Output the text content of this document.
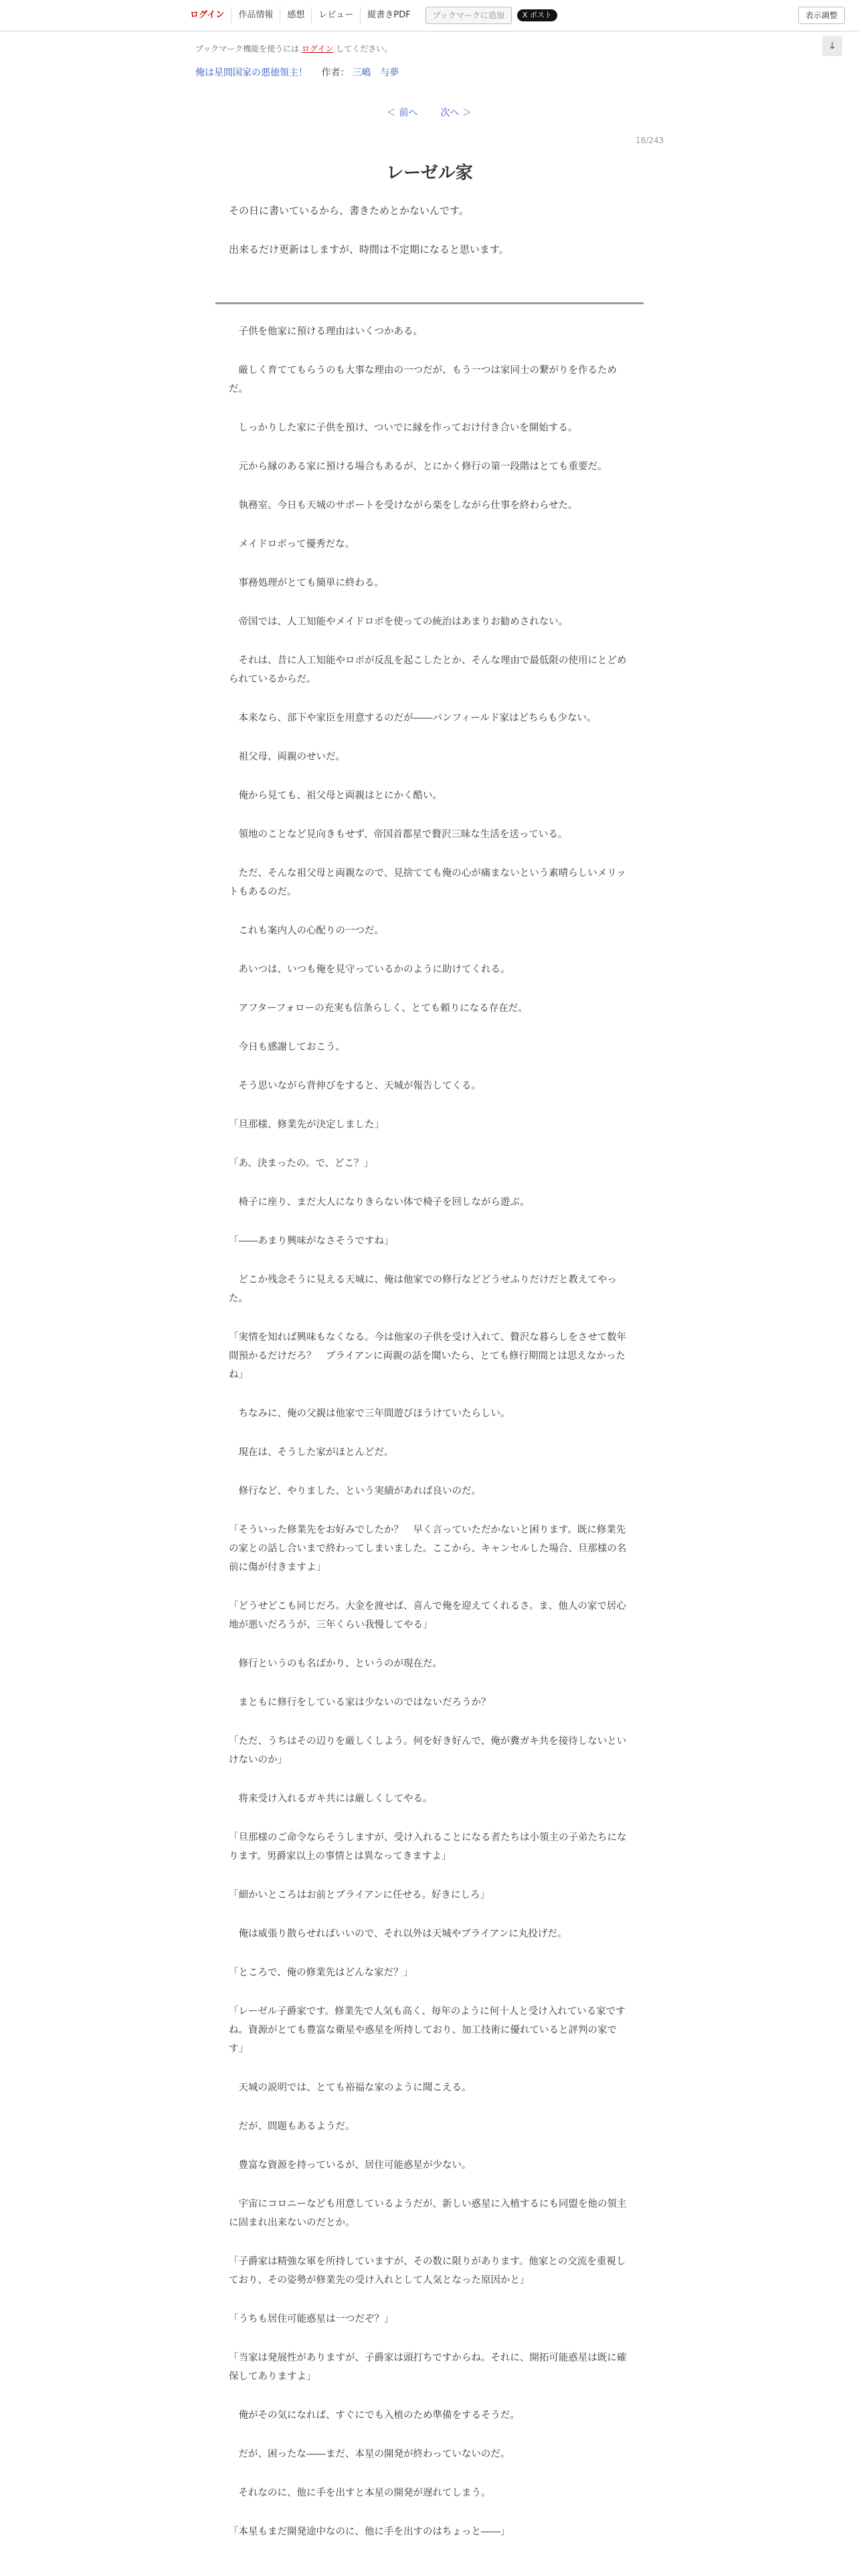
ログイン	作品情報	感想	レビュー	縦書きPDF	ブックマークに追加	X ポスト	表示調整
↓
ブックマーク機能を使うには ログイン してください。
俺は星間国家の悪徳領主！ 作者： 三嶋　与夢
＜ 前へ 次へ ＞
18/243
レーゼル家

その日に書いているから、書きためとかないんです。

出来るだけ更新はしますが、時間は不定期になると思います。

　子供を他家に預ける理由はいくつかある。

　厳しく育ててもらうのも大事な理由の一つだが、もう一つは家同士の繋がりを作るためだ。

　しっかりした家に子供を預け、ついでに縁を作っておけ付き合いを開始する。

　元から縁のある家に預ける場合もあるが、とにかく修行の第一段階はとても重要だ。

　執務室、今日も天城のサポートを受けながら楽をしながら仕事を終わらせた。

　メイドロボって優秀だな。

　事務処理がとても簡単に終わる。

　帝国では、人工知能やメイドロボを使っての統治はあまりお勧めされない。

　それは、昔に人工知能やロボが反乱を起こしたとか、そんな理由で最低限の使用にとどめられているからだ。

　本来なら、部下や家臣を用意するのだが――バンフィールド家はどちらも少ない。

　祖父母、両親のせいだ。

　俺から見ても、祖父母と両親はとにかく酷い。

　領地のことなど見向きもせず、帝国首都星で贅沢三昧な生活を送っている。

　ただ、そんな祖父母と両親なので、見捨てても俺の心が痛まないという素晴らしいメリットもあるのだ。

　これも案内人の心配りの一つだ。

　あいつは、いつも俺を見守っているかのように助けてくれる。

　アフターフォローの充実も信条らしく、とても頼りになる存在だ。

　今日も感謝しておこう。

　そう思いながら背伸びをすると、天城が報告してくる。

「旦那様、修業先が決定しました」

「あ、決まったの。で、どこ？」

　椅子に座り、まだ大人になりきらない体で椅子を回しながら遊ぶ。

「――あまり興味がなさそうですね」

　どこか残念そうに見える天城に、俺は他家での修行などどうせふりだけだと教えてやった。

「実情を知れば興味もなくなる。今は他家の子供を受け入れて、贅沢な暮らしをさせて数年間預かるだけだろ？　ブライアンに両親の話を聞いたら、とても修行期間とは思えなかったね」

　ちなみに、俺の父親は他家で三年間遊びほうけていたらしい。

　現在は、そうした家がほとんどだ。

　修行など、やりました、という実績があれば良いのだ。

「そういった修業先をお好みでしたか？　早く言っていただかないと困ります。既に修業先の家との話し合いまで終わってしまいました。ここから、キャンセルした場合、旦那様の名前に傷が付きますよ」

「どうせどこも同じだろ。大金を渡せば、喜んで俺を迎えてくれるさ。ま、他人の家で居心地が悪いだろうが、三年くらい我慢してやる」

　修行というのも名ばかり、というのが現在だ。

　まともに修行をしている家は少ないのではないだろうか？

「ただ、うちはその辺りを厳しくしよう。何を好き好んで、俺が糞ガキ共を接待しないといけないのか」

　将来受け入れるガキ共には厳しくしてやる。

「旦那様のご命令ならそうしますが、受け入れることになる者たちは小領主の子弟たちになります。男爵家以上の事情とは異なってきますよ」

「細かいところはお前とブライアンに任せる。好きにしろ」

　俺は威張り散らせればいいので、それ以外は天城やブライアンに丸投げだ。

「ところで、俺の修業先はどんな家だ？」

「レーゼル子爵家です。修業先で人気も高く、毎年のように何十人と受け入れている家ですね。資源がとても豊富な衛星や惑星を所持しており、加工技術に優れていると評判の家です」

　天城の説明では、とても裕福な家のように聞こえる。

　だが、問題もあるようだ。

　豊富な資源を持っているが、居住可能惑星が少ない。

　宇宙にコロニーなども用意しているようだが、新しい惑星に入植するにも同盟を他の領主に固まれ出来ないのだとか。

「子爵家は精強な軍を所持していますが、その数に限りがあります。他家との交流を重視しており、その姿勢が修業先の受け入れとして人気となった原因かと」

「うちも居住可能惑星は一つだぞ？」

「当家は発展性がありますが、子爵家は頭打ちですからね。それに、開拓可能惑星は既に確保してありますよ」

　俺がその気になれば、すぐにでも入植のため準備をするそうだ。

　だが、困ったな――まだ、本星の開発が終わっていないのだ。

　それなのに、他に手を出すと本星の開発が遅れてしまう。

「本星もまだ開発途中なのに、他に手を出すのはちょっと――」
